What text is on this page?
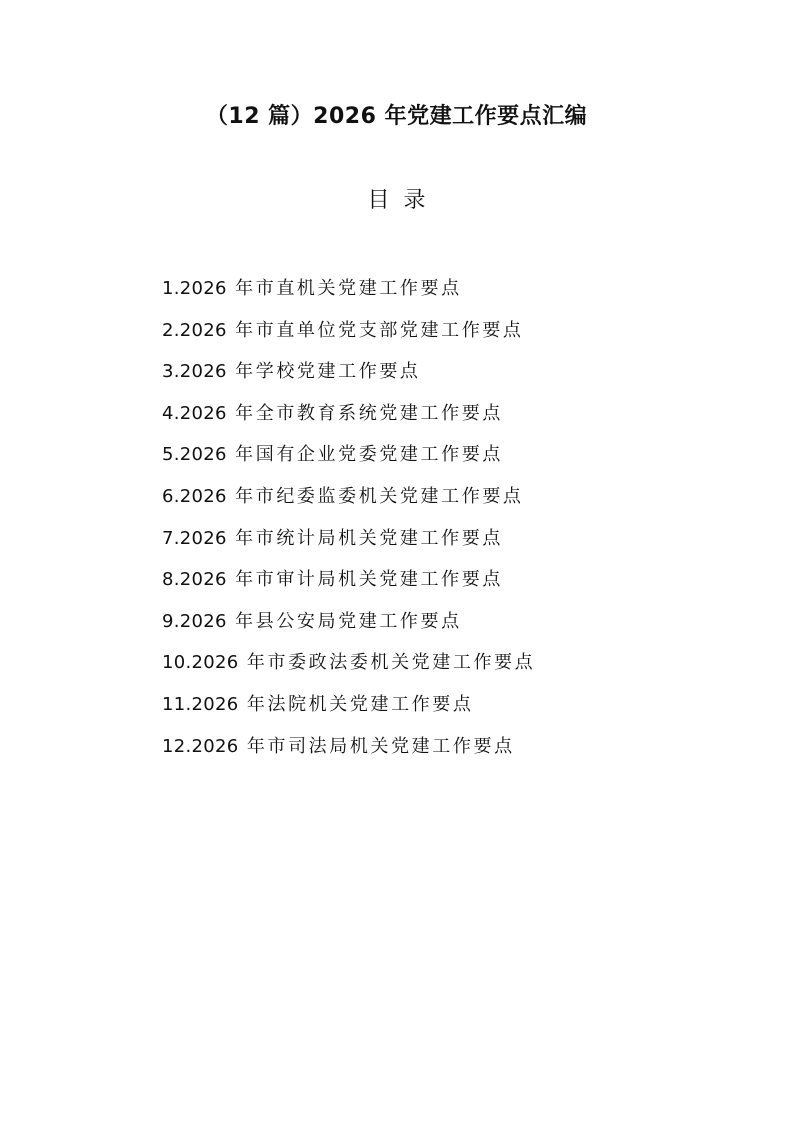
（12 篇）2026 年党建工作要点汇编
目录
1.2026 年市直机关党建工作要点
2.2026 年市直单位党支部党建工作要点
3.2026 年学校党建工作要点
4.2026 年全市教育系统党建工作要点
5.2026 年国有企业党委党建工作要点
6.2026 年市纪委监委机关党建工作要点
7.2026 年市统计局机关党建工作要点
8.2026 年市审计局机关党建工作要点
9.2026 年县公安局党建工作要点
10.2026 年市委政法委机关党建工作要点
11.2026 年法院机关党建工作要点
12.2026 年市司法局机关党建工作要点
